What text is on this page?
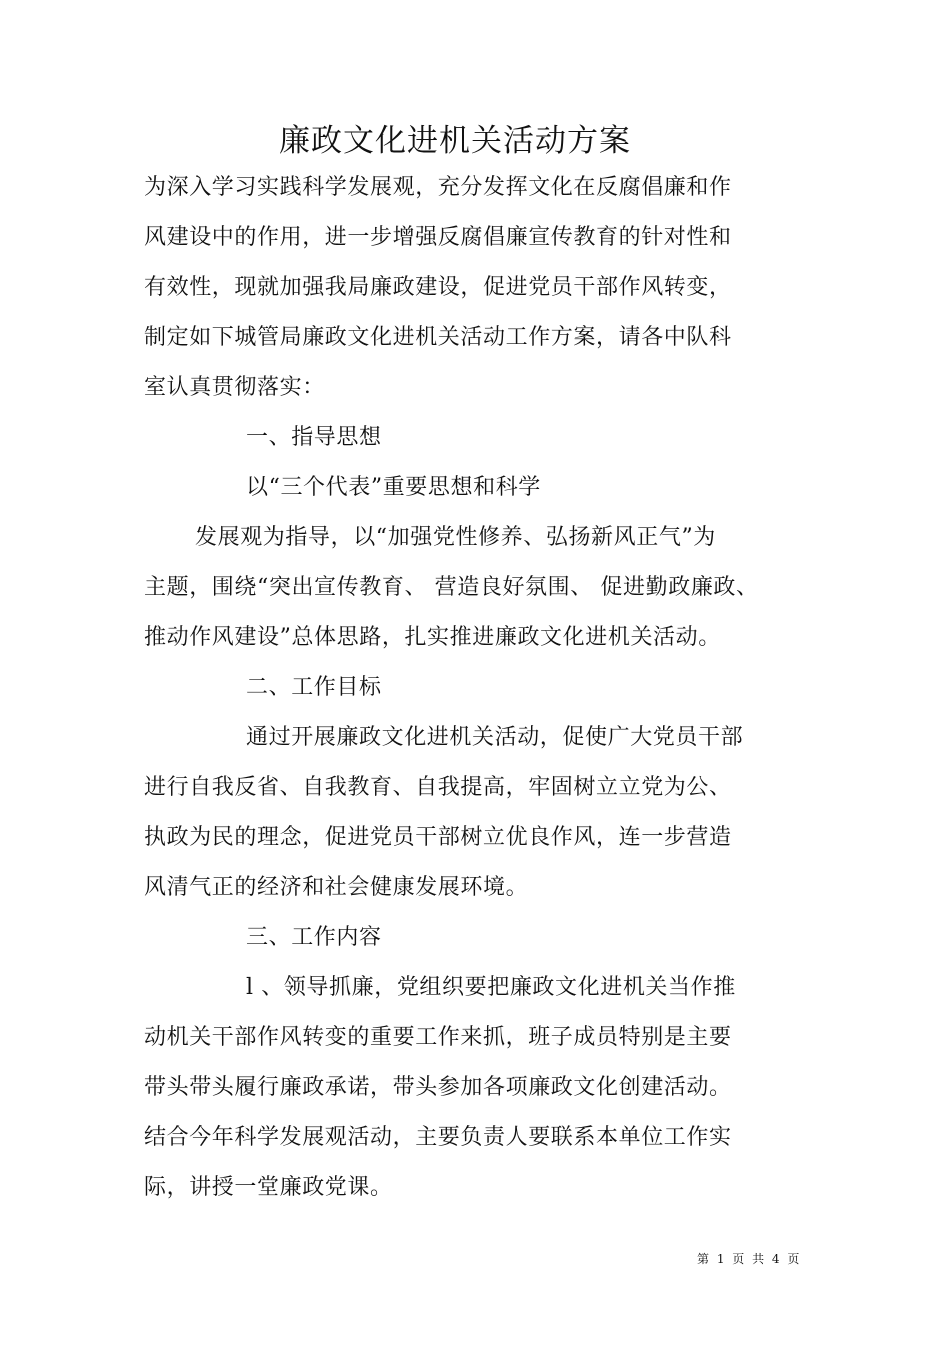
廉政文化进机关活动方案
为深入学习实践科学发展观，充分发挥文化在反腐倡廉和作
风建设中的作用，进一步增强反腐倡廉宣传教育的针对性和
有效性，现就加强我局廉政建设，促进党员干部作风转变，
制定如下城管局廉政文化进机关活动工作方案，请各中队科
室认真贯彻落实：
一、指导思想
以“三个代表”重要思想和科学
发展观为指导，以“加强党性修养、弘扬新风正气”为
主题，围绕“突出宣传教育、 营造良好氛围、 促进勤政廉政、
推动作风建设”总体思路，扎实推进廉政文化进机关活动。
二、工作目标
通过开展廉政文化进机关活动，促使广大党员干部
进行自我反省、自我教育、自我提高，牢固树立立党为公、
执政为民的理念，促进党员干部树立优良作风，连一步营造
风清气正的经济和社会健康发展环境。
三、工作内容
l 、领导抓廉，党组织要把廉政文化进机关当作推
动机关干部作风转变的重要工作来抓，班子成员特别是主要
带头带头履行廉政承诺，带头参加各项廉政文化创建活动。
结合今年科学发展观活动，主要负责人要联系本单位工作实
际，讲授一堂廉政党课。
第 1 页 共 4 页
